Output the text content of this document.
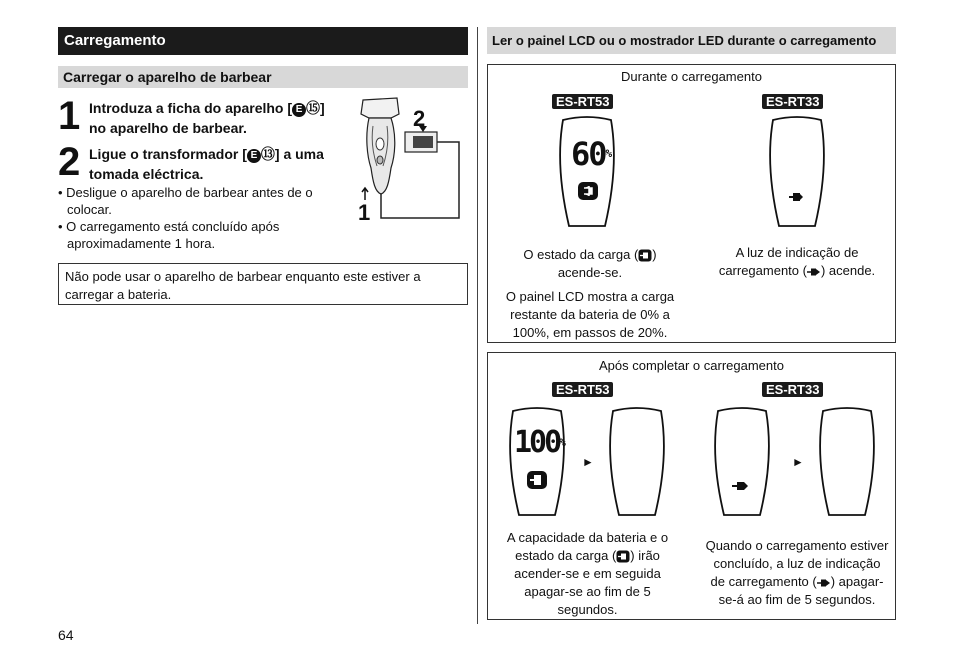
Carregamento
Carregar o aparelho de barbear
1 Introduza a ficha do aparelho [ E ⑮]
no aparelho de barbear.
2 Ligue o transformador [ E ⑬] a uma
tomada eléctrica.
• Desligue o aparelho de barbear antes de o
colocar.
• O carregamento está concluído após
aproximadamente 1 hora.
2
1
Não pode usar o aparelho de barbear enquanto este estiver a
carregar a bateria.
64
Ler o painel LCD ou o mostrador LED durante o carregamento
Durante o carregamento
ES-RT53	ES-RT33
60%
O estado da carga ( )
acende-se.
O painel LCD mostra a carga
restante da bateria de 0% a
100%, em passos de 20%.
A luz de indicação de
carregamento ( ) acende.
Após completar o carregamento
ES-RT53	ES-RT33
100%
►	►
A capacidade da bateria e o
estado da carga ( ) irão
acender-se e em seguida
apagar-se ao fim de 5
segundos.
Quando o carregamento estiver
concluído, a luz de indicação
de carregamento ( ) apagar-
se-á ao fim de 5 segundos.
